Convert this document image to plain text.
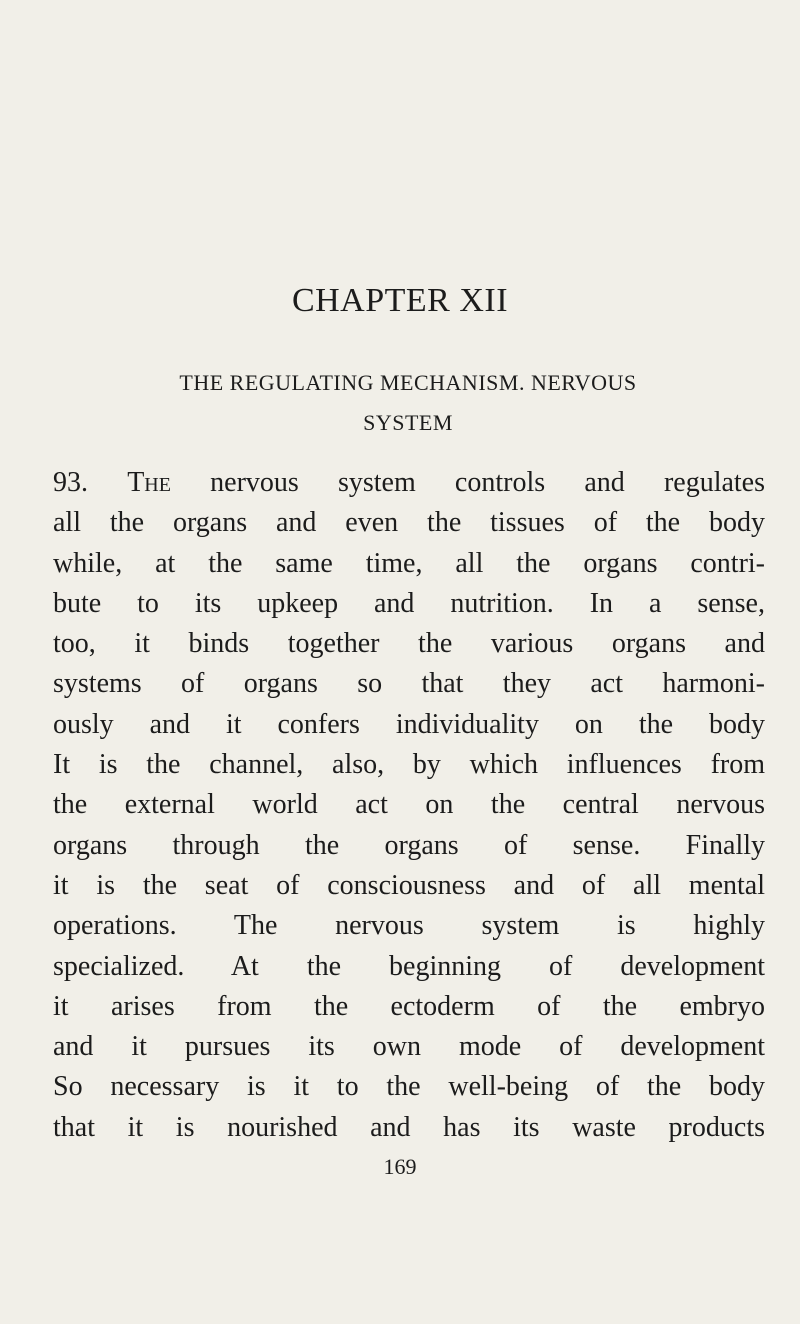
CHAPTER XII
THE REGULATING MECHANISM. NERVOUS
SYSTEM
93. The nervous system controls and regulates
all the organs and even the tissues of the body
while, at the same time, all the organs contri-
bute to its upkeep and nutrition. In a sense,
too, it binds together the various organs and
systems of organs so that they act harmoni-
ously and it confers individuality on the body
It is the channel, also, by which influences from
the external world act on the central nervous
organs through the organs of sense. Finally
it is the seat of consciousness and of all mental
operations. The nervous system is highly
specialized. At the beginning of development
it arises from the ectoderm of the embryo
and it pursues its own mode of development
So necessary is it to the well-being of the body
that it is nourished and has its waste products
169
